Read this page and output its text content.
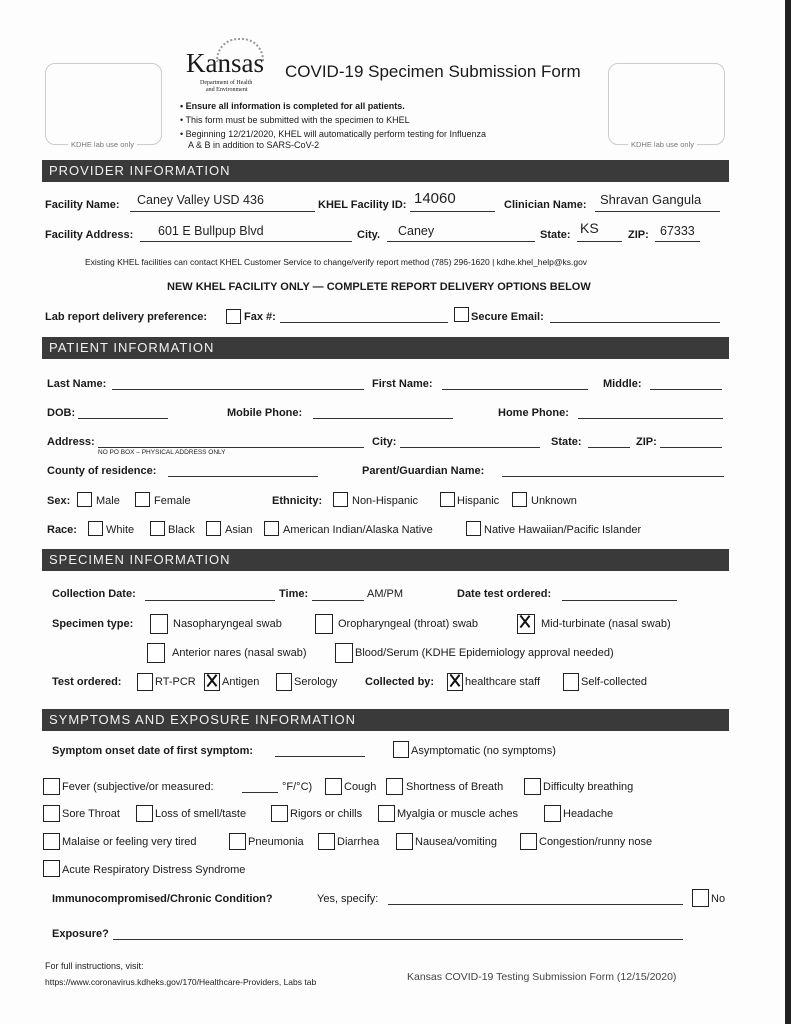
KDHE lab use only	KDHE lab use only
Kansas
Department of Health
and Environment
COVID-19 Specimen Submission Form
• Ensure all information is completed for all patients.
• This form must be submitted with the specimen to KHEL
• Beginning 12/21/2020, KHEL will automatically perform testing for Influenza
A & B in addition to SARS-CoV-2
PROVIDER INFORMATION
Facility Name: Caney Valley USD 436	KHEL Facility ID: 14060	Clinician Name: Shravan Gangula
Facility Address: 601 E Bullpup Blvd	City. Caney	State: KS	ZIP: 67333
Existing KHEL facilities can contact KHEL Customer Service to change/verify report method (785) 296-1620 | kdhe.khel_help@ks.gov
NEW KHEL FACILITY ONLY — COMPLETE REPORT DELIVERY OPTIONS BELOW
Lab report delivery preference:	Fax #:	Secure Email:
PATIENT INFORMATION
Last Name:	First Name:	Middle:
DOB:	Mobile Phone:	Home Phone:
Address:
NO PO BOX – PHYSICAL ADDRESS ONLY
City:	State:	ZIP:
County of residence:	Parent/Guardian Name:
Sex: Male	Female	Ethnicity:	Non-Hispanic	Hispanic	Unknown
Race:	White	Black	Asian	American Indian/Alaska Native	Native Hawaiian/Pacific Islander
SPECIMEN INFORMATION
Collection Date:	Time:	AM/PM	Date test ordered:
Specimen type:	Nasopharyngeal swab	Oropharyngeal (throat) swab	Mid-turbinate (nasal swab)
Anterior nares (nasal swab)	Blood/Serum (KDHE Epidemiology approval needed)
Test ordered:	RT-PCR Antigen	Serology	Collected by:	healthcare staff	Self-collected
SYMPTOMS AND EXPOSURE INFORMATION
Symptom onset date of first symptom:	Asymptomatic (no symptoms)
Fever (subjective/or measured:	°F/°C)	Cough	Shortness of Breath	Difficulty breathing
Sore Throat	Loss of smell/taste	Rigors or chills	Myalgia or muscle aches	Headache
Malaise or feeling very tired	Pneumonia	Diarrhea	Nausea/vomiting	Congestion/runny nose
Acute Respiratory Distress Syndrome
Immunocompromised/Chronic Condition?	Yes, specify:	No
Exposure?
For full instructions, visit:
https://www.coronavirus.kdheks.gov/170/Healthcare-Providers, Labs tab	Kansas COVID-19 Testing Submission Form (12/15/2020)
